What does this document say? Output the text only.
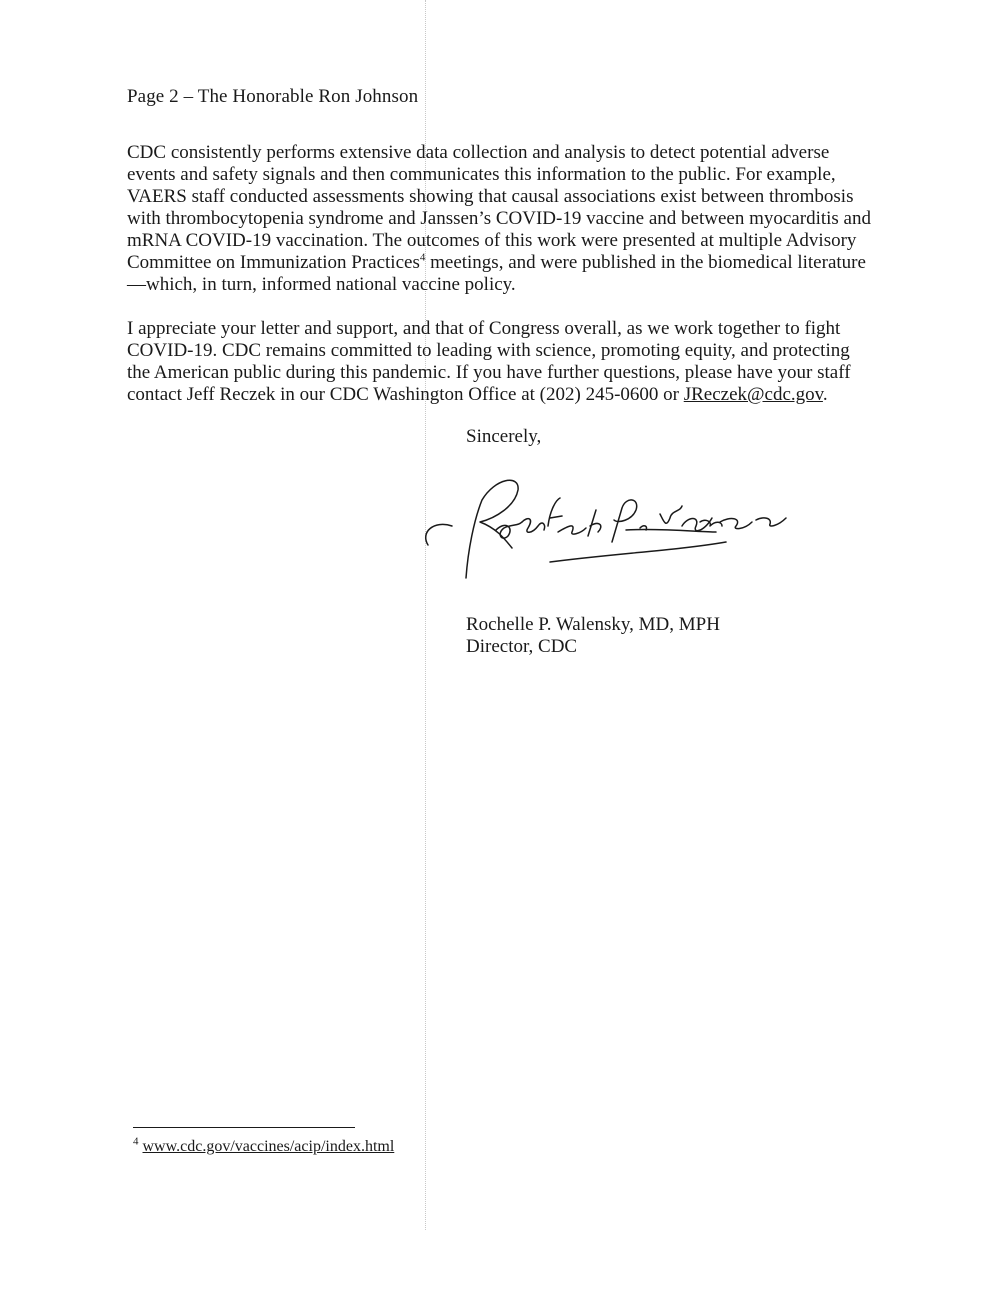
Page 2 – The Honorable Ron Johnson

CDC consistently performs extensive data collection and analysis to detect potential adverse events and safety signals and then communicates this information to the public. For example, VAERS staff conducted assessments showing that causal associations exist between thrombosis with thrombocytopenia syndrome and Janssen’s COVID-19 vaccine and between myocarditis and mRNA COVID-19 vaccination. The outcomes of this work were presented at multiple Advisory Committee on Immunization Practices$^4$ meetings, and were published in the biomedical literature—which, in turn, informed national vaccine policy.

I appreciate your letter and support, and that of Congress overall, as we work together to fight COVID-19. CDC remains committed to leading with science, promoting equity, and protecting the American public during this pandemic. If you have further questions, please have your staff contact Jeff Reczek in our CDC Washington Office at (202) 245-0600 or JReczek@cdc.gov.

Sincerely,
Rochelle P. Walensky, MD, MPH
Director, CDC
$^4$ www.cdc.gov/vaccines/acip/index.html
